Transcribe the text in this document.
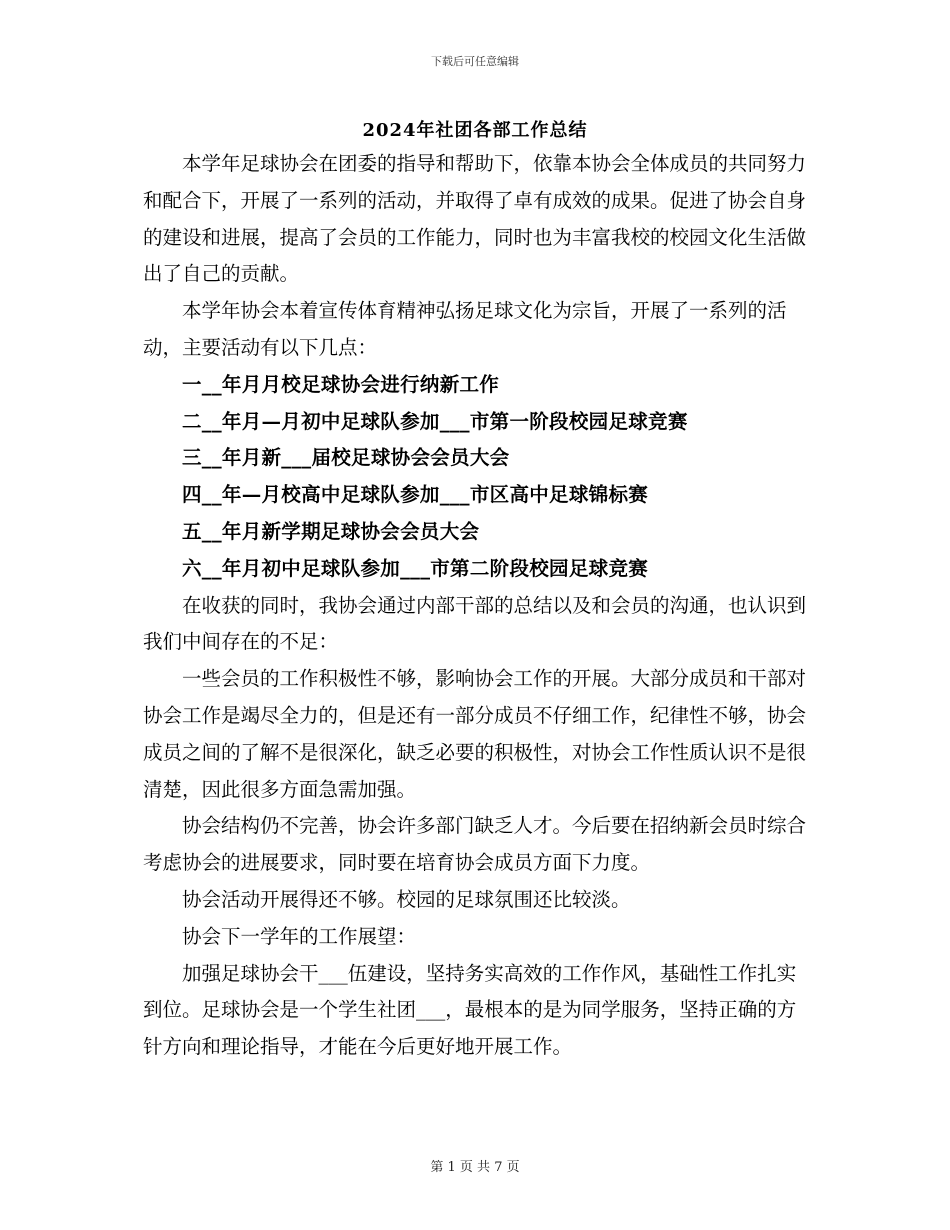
下载后可任意编辑
2024年社团各部工作总结

本学年足球协会在团委的指导和帮助下，依靠本协会全体成员的共同努力和配合下，开展了一系列的活动，并取得了卓有成效的成果。促进了协会自身的建设和进展，提高了会员的工作能力，同时也为丰富我校的校园文化生活做出了自己的贡献。

本学年协会本着宣传体育精神弘扬足球文化为宗旨，开展了一系列的活动，主要活动有以下几点：

一__年月月校足球协会进行纳新工作

二__年月—月初中足球队参加___市第一阶段校园足球竞赛

三__年月新___届校足球协会会员大会

四__年—月校高中足球队参加___市区高中足球锦标赛

五__年月新学期足球协会会员大会

六__年月初中足球队参加___市第二阶段校园足球竞赛

在收获的同时，我协会通过内部干部的总结以及和会员的沟通，也认识到我们中间存在的不足：

一些会员的工作积极性不够，影响协会工作的开展。大部分成员和干部对协会工作是竭尽全力的，但是还有一部分成员不仔细工作，纪律性不够，协会成员之间的了解不是很深化，缺乏必要的积极性，对协会工作性质认识不是很清楚，因此很多方面急需加强。

协会结构仍不完善，协会许多部门缺乏人才。今后要在招纳新会员时综合考虑协会的进展要求，同时要在培育协会成员方面下力度。

协会活动开展得还不够。校园的足球氛围还比较淡。

协会下一学年的工作展望：

加强足球协会干___伍建设，坚持务实高效的工作作风，基础性工作扎实到位。足球协会是一个学生社团___，最根本的是为同学服务，坚持正确的方针方向和理论指导，才能在今后更好地开展工作。

第 1 页 共 7 页
